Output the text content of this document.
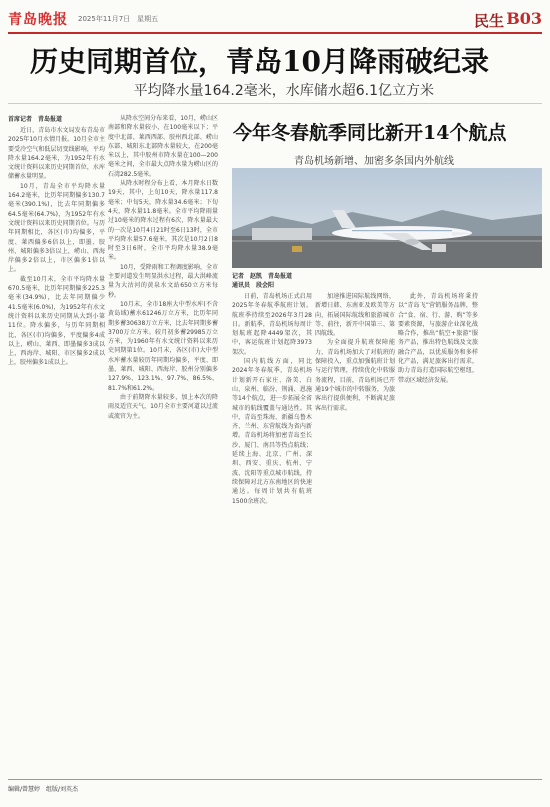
青岛晚报 2025年11月7日　星期五	民生 B03
历史同期首位，青岛10月降雨破纪录
平均降水量164.2毫米，水库储水超6.1亿立方米
首席记者　青岛报道

近日，青岛市水文局发布青岛市2025年10月水情月报。10月全市主要受冷空气和低层切变线影响，平均降水量164.2毫米，为1952年有水文统计资料以来历史同期首位，水库储蓄水量明显。

10月，青岛全市平均降水量164.2毫米，比历年同期偏多130.7毫米(390.1%)，比去年同期偏多64.5毫米(64.7%)，为1952年有水文统计资料以来历史同期首位。与历年同期相比，各区(市)均偏多，平度、莱西偏多6倍以上，即墨、胶州、城阳偏多3倍以上，崂山、西海岸偏多2倍以上，市区偏多1倍以上。

截至10月末，全市平均降水量670.5毫米，比历年同期偏多225.3毫米(34.9%)，比去年同期偏少41.5毫米(6.0%)，为1952年有水文统计资料以来历史同期从大到小第11位。降水偏多，与历年同期相比，各区(市)均偏多，平度偏多4成以上，崂山、莱西、即墨偏多3成以上，西海岸、城阳、市区偏多2成以上，胶州偏多1成以上。

从降水空间分布来看，10月，崂山区南部和降水量较小，在100毫米以下；平度中北部、莱西西部、胶州西北部、崂山东部、城阳东北部降水量较大，在200毫米以上，其中胶州市降水量在100—200毫米之间，全市最大点降水量为崂山区的石湾282.5毫米。

从降水时程分布上看，本月降水日数19天，其中，上旬10天，降水量117.8毫米；中旬5天，降水量34.6毫米；下旬4天，降水量11.8毫米。全市平均降雨量过10毫米的降水过程有6次，降水量最大的一次是10月4日21时至6日13时，全市平均降水量57.6毫米，其次是10月2日8时至3日6时，全市平均降水量38.9毫米。

10月，受降雨和工程调度影响，全市主要河道发生明显洪水过程，最大洪峰流量为大沽河的黄泉水文站650立方米每秒。

10月末，全市18座大中型水库(不含黄岛域)蓄水61246万立方米，比历年同期多蓄30638万立方米，比去年同期多蓄3700万立方米。较月初多蓄29985万立方米，为1960年有水文统计资料以来历史同期第1位。10月末，各区(市)大中型水库蓄水量较历年同期均偏多，平度、即墨、莱西、城阳、西海岸、胶州分别偏多127.9%、123.1%、97.7%、86.5%、81.7%和61.2%。

由于前期降水量较多，加上本次的降雨及适宜天气，10月全市主要河道以过流或流官为主。

今年冬春航季同比新开14个航点
青岛机场新增、加密多条国内外航线
记者　赵凯　青岛报道
通讯员　段会阳

日前，青岛机场正式启用2025年冬春航季航班计划。航班季持续至2026年3月28日。新航季，青岛机场每周计划航班起降4449架次，其中，客运航班计划起降3973架次。

国内航线方面，同比2024年冬春航季，青岛机场计划新开石家庄、洛美、白山、泉州、临汾、荆涌、恩施等14个航点，进一步拓展全省城市的航线覆盖与通达性。其中，青岛至珠海、新疆乌鲁木齐、兰州、东营航线为省内新增。青岛机场将加密青岛至长沙、厦门、南昌等热点航线；延续上海、北京、广州、深圳、西安、重庆、杭州、宁波、沈阳等重点城市航线，持续保障对北方东南地区的快速通达。每周计划共有航班1500余班次。

加速推进国际航线网络，新增日韩、东南亚及欧美等方向，拓展国际航线和旅游城市等、前往，新开中国第三、第四航线。

为全面提升航班保障能力，青岛机场加大了对航班的保障投入，重点加强航班计划与运行管理，持续优化中转服务流程，目前，青岛机场已开通19个城市的中转服务，为旅客出行提供便利，不断满足旅客出行需求。

此外，青岛机场将秉持以“青岛飞”营销服务品牌，整合“食、宿、行、游、购”等多要素资源，与旅游企业深化战略合作，推出“航空+旅游”服务产品，推出特色航线及文旅融合产品，以优质服务和多样化产品，满足旅客出行需求，助力青岛打造国际航空枢纽，带动区域经济发展。

编辑/曾慧婷　组版/刘英杰
